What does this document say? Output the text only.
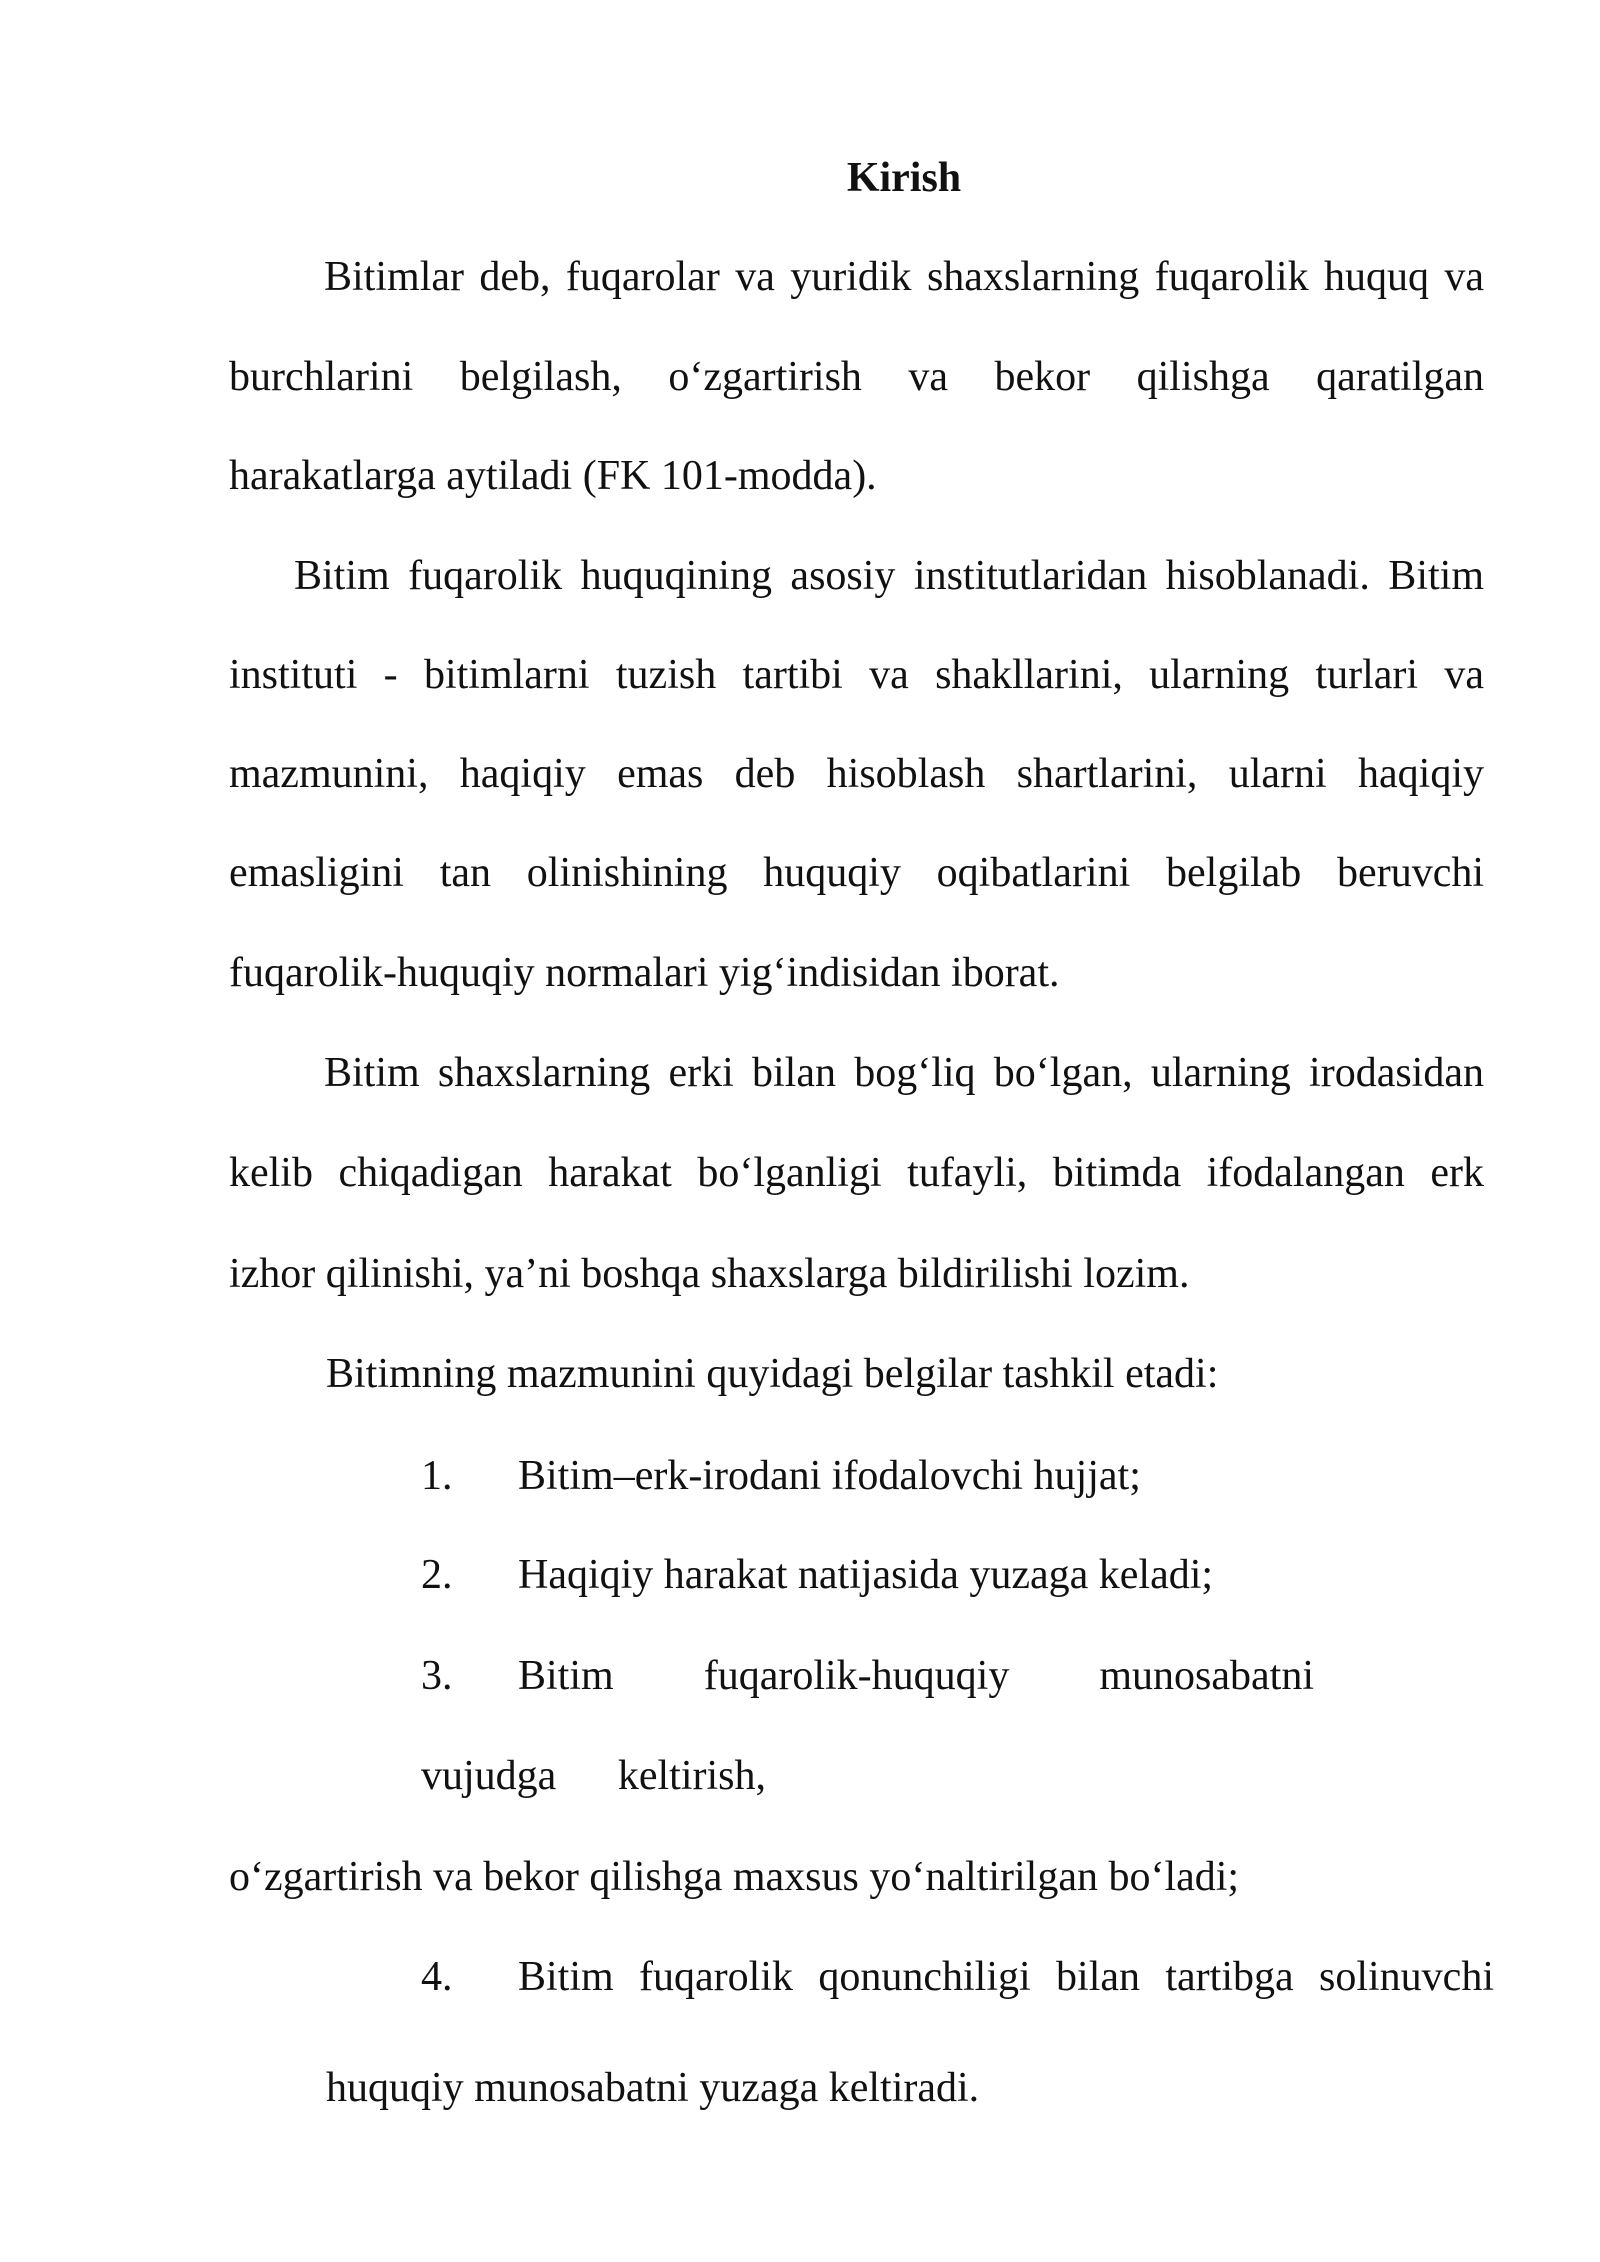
Kirish
Bitimlar deb, fuqarolar va yuridik shaxslarning fuqarolik huquq va
burchlarini belgilash, o‘zgartirish va bekor qilishga qaratilgan
harakatlarga aytiladi (FK 101-modda).
Bitim fuqarolik huquqining asosiy institutlaridan hisoblanadi. Bitim
instituti - bitimlarni tuzish tartibi va shakllarini, ularning turlari va
mazmunini, haqiqiy emas deb hisoblash shartlarini, ularni haqiqiy
emasligini tan olinishining huquqiy oqibatlarini belgilab beruvchi
fuqarolik-huquqiy normalari yig‘indisidan iborat.
Bitim shaxslarning erki bilan bog‘liq bo‘lgan, ularning irodasidan
kelib chiqadigan harakat bo‘lganligi tufayli, bitimda ifodalangan erk
izhor qilinishi, ya’ni boshqa shaxslarga bildirilishi lozim.
Bitimning mazmunini quyidagi belgilar tashkil etadi:
1. Bitim–erk-irodani ifodalovchi hujjat;
2. Haqiqiy harakat natijasida yuzaga keladi;
3. Bitim fuqarolik-huquqiy munosabatni
vujudga keltirish,
o‘zgartirish va bekor qilishga maxsus yo‘naltirilgan bo‘ladi;
4. Bitim fuqarolik qonunchiligi bilan tartibga solinuvchi
huquqiy munosabatni yuzaga keltiradi.
